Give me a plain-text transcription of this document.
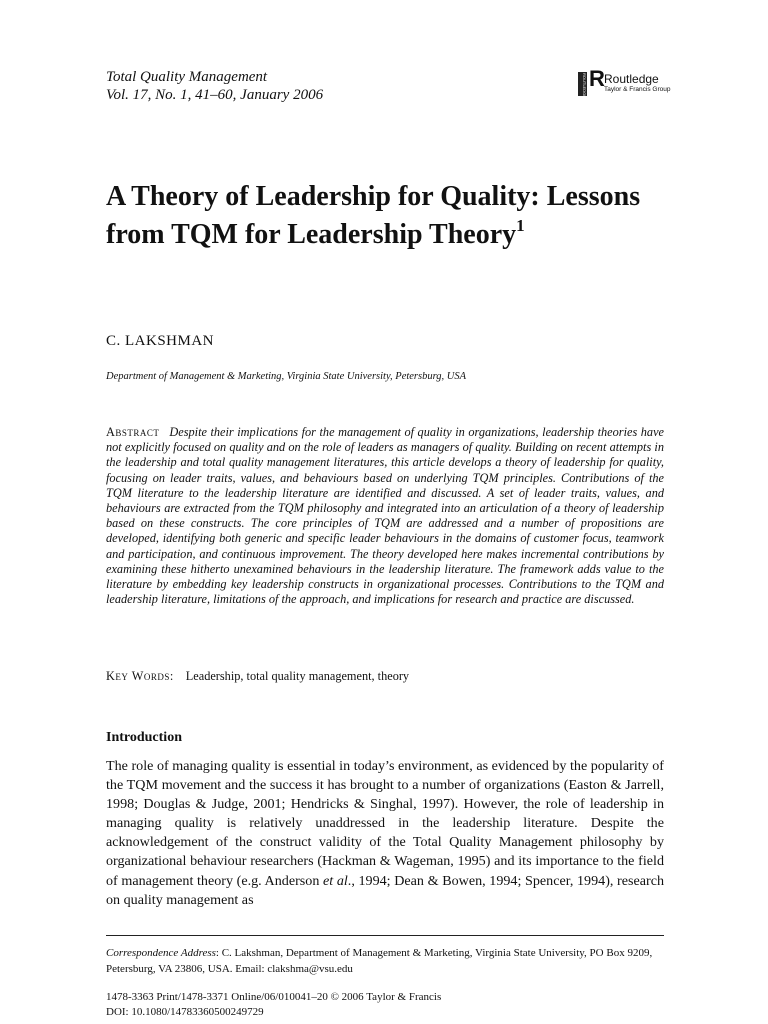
Total Quality Management
Vol. 17, No. 1, 41–60, January 2006	ROUTLEDGE R Routledge
Taylor & Francis Group
A Theory of Leadership for Quality: Lessons from TQM for Leadership Theory$^1$
C. LAKSHMAN
Department of Management & Marketing, Virginia State University, Petersburg, USA
Abstract Despite their implications for the management of quality in organizations, leadership theories have not explicitly focused on quality and on the role of leaders as managers of quality. Building on recent attempts in the leadership and total quality management literatures, this article develops a theory of leadership for quality, focusing on leader traits, values, and behaviours based on underlying TQM principles. Contributions of the TQM literature to the leadership literature are identified and discussed. A set of leader traits, values, and behaviours are extracted from the TQM philosophy and integrated into an articulation of a theory of leadership based on these constructs. The core principles of TQM are addressed and a number of propositions are developed, identifying both generic and specific leader behaviours in the domains of customer focus, teamwork and participation, and continuous improvement. The theory developed here makes incremental contributions by examining these hitherto unexamined behaviours in the leadership literature. The framework adds value to the literature by embedding key leadership constructs in organizational processes. Contributions to the TQM and leadership literature, limitations of the approach, and implications for research and practice are discussed.
Key Words: Leadership, total quality management, theory
Introduction

The role of managing quality is essential in today’s environment, as evidenced by the popularity of the TQM movement and the success it has brought to a number of organizations (Easton & Jarrell, 1998; Douglas & Judge, 2001; Hendricks & Singhal, 1997). However, the role of leadership in managing quality is relatively unaddressed in the leadership literature. Despite the acknowledgement of the construct validity of the Total Quality Management philosophy by organizational behaviour researchers (Hackman & Wageman, 1995) and its importance to the field of management theory (e.g. Anderson et al., 1994; Dean & Bowen, 1994; Spencer, 1994), research on quality management as

Correspondence Address: C. Lakshman, Department of Management & Marketing, Virginia State University, PO Box 9209, Petersburg, VA 23806, USA. Email: clakshma@vsu.edu
1478-3363 Print/1478-3371 Online/06/010041–20 © 2006 Taylor & Francis
DOI: 10.1080/14783360500249729
